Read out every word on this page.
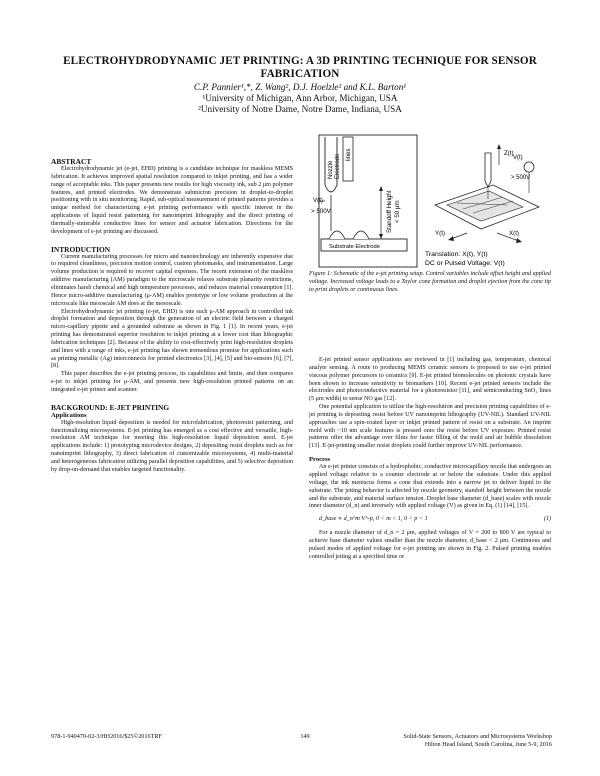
ELECTROHYDRODYNAMIC JET PRINTING: A 3D PRINTING TECHNIQUE FOR SENSOR FABRICATION
C.P. Pannier¹,*, Z. Wang², D.J. Hoelzle² and K.L. Barton¹
¹University of Michigan, Ann Arbor, Michigan, USA
²University of Notre Dame, Notre Dame, Indiana, USA
ABSTRACT

Electrohydrodynamic jet (e-jet, EHD) printing is a candidate technique for maskless MEMS fabrication. It achieves improved spatial resolution compared to inkjet printing, and has a wider range of acceptable inks. This paper presents new results for high viscosity ink, sub 2 μm polymer features, and printed electrodes. We demonstrate submicron precision in droplet-to-droplet positioning with in situ monitoring. Rapid, sub-optical measurement of printed patterns provides a unique method for characterizing e-jet printing performance with specific interest in the applications of liquid resist patterning for nanoimprint lithography and the direct printing of thermally-sinterable conductive lines for sensor and actuator fabrication. Directions for the development of e-jet printing are discussed.

INTRODUCTION

Current manufacturing processes for micro and nanotechnology are inherently expensive due to required cleanliness, precision motion control, custom photomasks, and instrumentation. Large volume production is required to recover capital expenses. The recent extension of the maskless additive manufacturing (AM) paradigm to the microscale relaxes substrate planarity restrictions, eliminates harsh chemical and high temperature processes, and reduces material consumption [1]. Hence micro-additive manufacturing (μ-AM) enables prototype or low volume production at the microscale like mesoscale AM does at the mesoscale.

Electrohydrodynamic jet printing (e-jet, EHD) is one such μ-AM approach in controlled ink droplet formation and deposition through the generation of an electric field between a charged micro-capillary pipette and a grounded substrate as shown in Fig. 1 [1]. In recent years, e-jet printing has demonstrated superior resolution to inkjet printing at a lower cost than lithographic fabrication techniques [2]. Because of the ability to cost-effectively print high-resolution droplets and lines with a range of inks, e-jet printing has shown tremendous promise for applications such as printing metallic (Ag) interconnects for printed electronics [3], [4], [5] and bio-sensors [6], [7], [8].

This paper describes the e-jet printing process, its capabilities and limits, and then compares e-jet to inkjet printing for μ-AM, and presents new high-resolution printed patterns on an integrated e-jet printer and scanner.

BACKGROUND: E-JET PRINTING
Applications

High-resolution liquid deposition is needed for microfabrication, photoresist patterning, and functionalizing microsystems. E-jet printing has emerged as a cost effective and versatile, high-resolution AM technique for meeting this high-resolution liquid deposition need. E-jet applications include: 1) prototyping microdevice designs, 2) depositing resist droplets such as for nanoimprint lithography, 3) direct fabrication of customizable microsystems, 4) multi-material and heterogeneous fabrication utilizing parallel deposition capabilities, and 5) selective deposition by drop-on-demand that enables targeted functionality.

Nozzle Electrode lines
Standoff Height < 50 μm
Substrate Electrode
V(t)
> 500V
Z(t)
X(t)
Y(t)
V(t)
> 500V
Translation: X(t), Y(t)
DC or Pulsed Voltage: V(t)
Figure 1: Schematic of the e-jet printing setup. Control variables include offset height and applied voltage. Increased voltage leads to a Taylor cone formation and droplet ejection from the cone tip to print droplets or continuous lines.

E-jet printed sensor applications are reviewed in [1] including gas, temperature, chemical analyte sensing. A route to producing MEMS ceramic sensors is proposed to use e-jet printed viscous polymer precursors to ceramics [9]. E-jet printed biomolecules on photonic crystals have been shown to increase sensitivity to biomarkers [10]. Recent e-jet printed sensors include the electrodes and photoconductive material for a photoresistor [11], and semiconducting SnO₂ lines (5 μm width) to sense NO gas [12].

One potential application to utilize the high-resolution and precision printing capabilities of e-jet printing is depositing resist before UV nanoimprint lithography (UV-NIL). Standard UV-NIL approaches use a spin-coated layer or inkjet printed pattern of resist on a substrate. An imprint mold with ~10 nm scale features is pressed onto the resist before UV exposure. Printed resist patterns offer the advantage over films for faster filling of the mold and air bubble dissolution [13]. E-jet-printing smaller resist droplets could further improve UV-NIL performance.

Process

An e-jet printer consists of a hydrophobic, conductive microcapillary nozzle that undergoes an applied voltage relative to a counter electrode at or below the substrate. Under this applied voltage, the ink meniscus forms a cone that extends into a narrow jet to deliver liquid to the substrate. The jetting behavior is affected by nozzle geometry, standoff height between the nozzle and the substrate, and material surface tension. Droplet base diameter (d_base) scales with nozzle inner diameter (d_n) and inversely with applied voltage (V) as given in Eq. (1) [14], [15].

d_base ∝ d_n^m V^-p, 0 < m < 1, 0 < p < 1	(1)

For a nozzle diameter of d_n = 2 μm, applied voltages of V = 200 to 800 V are typical to achieve base diameter values smaller than the nozzle diameter, d_base < 2 μm. Continuous and pulsed modes of applied voltage for e-jet printing are shown in Fig. 2. Pulsed printing enables controlled jetting at a specified time or

978-1-940470-02-3/HH2016/$25©2016TRF	149	Solid-State Sensors, Actuators and Microsystems Workshop
Hilton Head Island, South Carolina, June 5-9, 2016
